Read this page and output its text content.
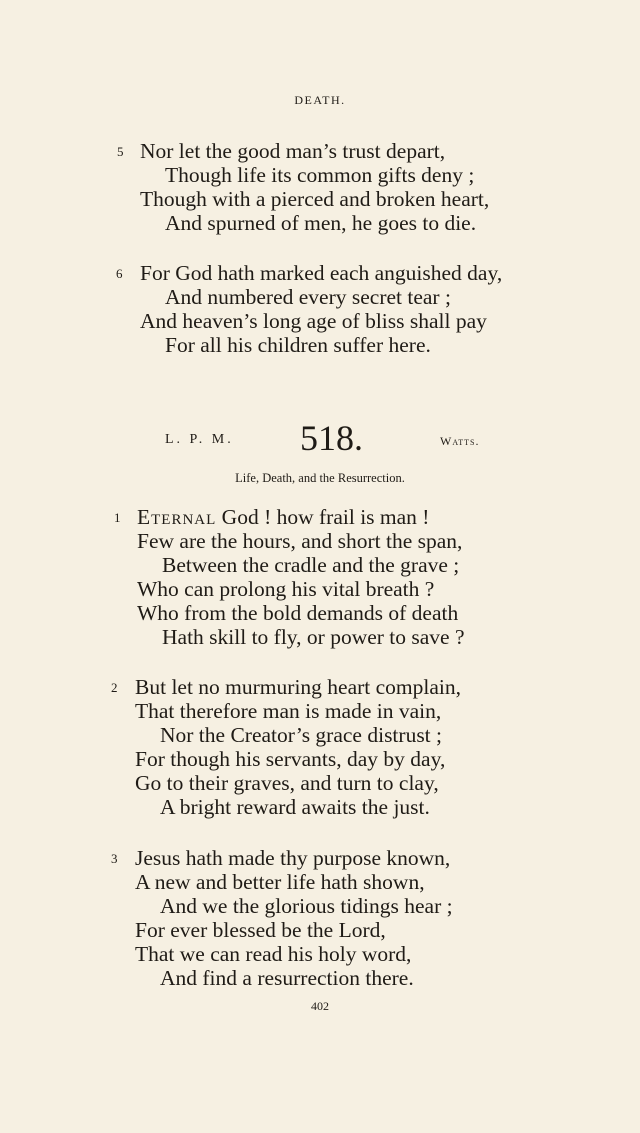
DEATH.
5 Nor let the good man’s trust depart,
Though life its common gifts deny ;
Though with a pierced and broken heart,
And spurned of men, he goes to die.
6 For God hath marked each anguished day,
And numbered every secret tear ;
And heaven’s long age of bliss shall pay
For all his children suffer here.
L. P. M. 518.	Watts.
Life, Death, and the Resurrection.
1 Eternal God ! how frail is man !
Few are the hours, and short the span,
Between the cradle and the grave ;
Who can prolong his vital breath ?
Who from the bold demands of death
Hath skill to fly, or power to save ?
2 But let no murmuring heart complain,
That therefore man is made in vain,
Nor the Creator’s grace distrust ;
For though his servants, day by day,
Go to their graves, and turn to clay,
A bright reward awaits the just.
3 Jesus hath made thy purpose known,
A new and better life hath shown,
And we the glorious tidings hear ;
For ever blessed be the Lord,
That we can read his holy word,
And find a resurrection there.
402
